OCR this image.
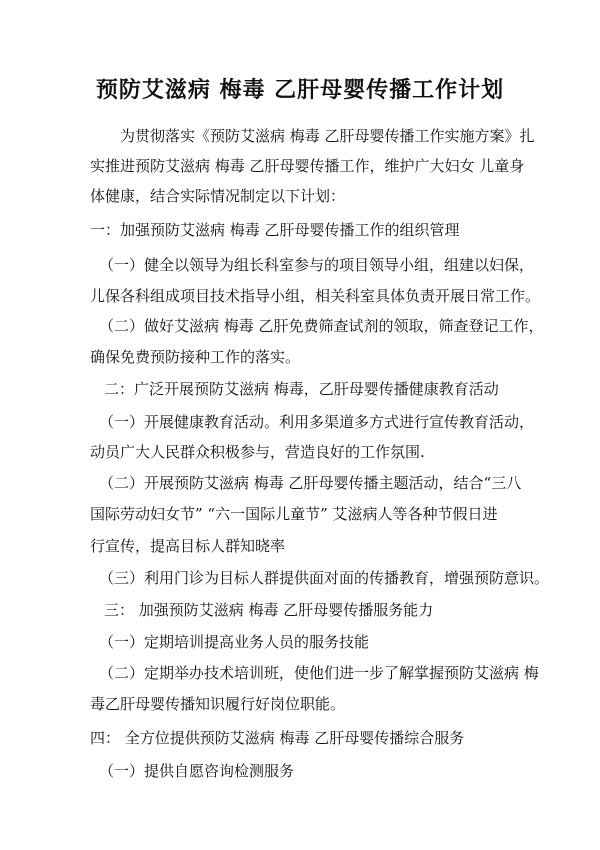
预防艾滋病 梅毒 乙肝母婴传播工作计划
为贯彻落实《预防艾滋病 梅毒 乙肝母婴传播工作实施方案》扎
实推进预防艾滋病 梅毒 乙肝母婴传播工作，维护广大妇女 儿童身
体健康，结合实际情况制定以下计划：
一：加强预防艾滋病 梅毒 乙肝母婴传播工作的组织管理
（一）健全以领导为组长科室参与的项目领导小组，组建以妇保，
儿保各科组成项目技术指导小组，相关科室具体负责开展日常工作。
（二）做好艾滋病 梅毒 乙肝免费筛查试剂的领取，筛查登记工作，
确保免费预防接种工作的落实。
二：广泛开展预防艾滋病 梅毒，乙肝母婴传播健康教育活动
（一）开展健康教育活动。利用多渠道多方式进行宣传教育活动，
动员广大人民群众积极参与，营造良好的工作氛围.
（二）开展预防艾滋病 梅毒 乙肝母婴传播主题活动，结合“三八
国际劳动妇女节” “六一国际儿童节” 艾滋病人等各种节假日进
行宣传，提高目标人群知晓率
（三）利用门诊为目标人群提供面对面的传播教育，增强预防意识。
三： 加强预防艾滋病 梅毒 乙肝母婴传播服务能力
（一）定期培训提高业务人员的服务技能
（二）定期举办技术培训班，使他们进一步了解掌握预防艾滋病 梅
毒乙肝母婴传播知识履行好岗位职能。
四： 全方位提供预防艾滋病 梅毒 乙肝母婴传播综合服务
（一）提供自愿咨询检测服务
